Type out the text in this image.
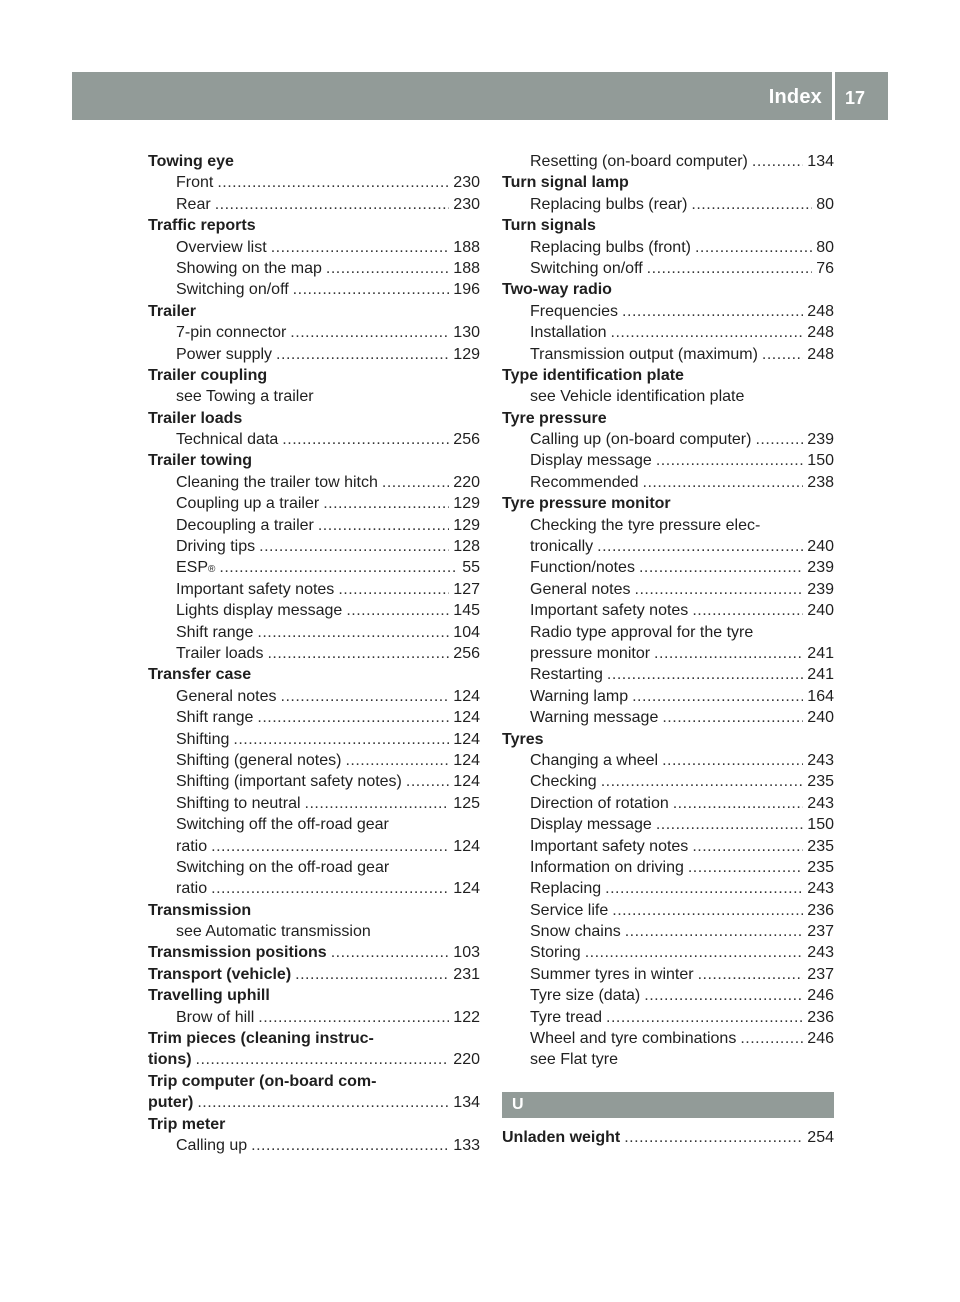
Index 17
Towing eye
Front .....	230
Rear .....	230
Traffic reports
Overview list .....	188
Showing on the map .....	188
Switching on/off .....	196
Trailer
7-pin connector .....	130
Power supply .....	129
Trailer coupling
see Towing a trailer
Trailer loads
Technical data .....	256
Trailer towing
Cleaning the trailer tow hitch .....	220
Coupling up a trailer .....	129
Decoupling a trailer .....	129
Driving tips .....	128
ESP ® .....	55
Important safety notes .....	127
Lights display message .....	145
Shift range .....	104
Trailer loads .....	256
Transfer case
General notes .....	124
Shift range .....	124
Shifting .....	124
Shifting (general notes) .....	124
Shifting (important safety notes) .....	124
Shifting to neutral .....	125
Switching off the off-road gear
ratio .....	124
Switching on the off-road gear
ratio .....	124
Transmission
see Automatic transmission
Transmission positions .....	103
Transport (vehicle) .....	231
Travelling uphill
Brow of hill .....	122
Trim pieces (cleaning instruc-
tions) .....	220
Trip computer (on-board com-
puter) .....	134
Trip meter
Calling up .....	133
Resetting (on-board computer) .....	134
Turn signal lamp
Replacing bulbs (rear) .....	80
Turn signals
Replacing bulbs (front) .....	80
Switching on/off .....	76
Two-way radio
Frequencies .....	248
Installation .....	248
Transmission output (maximum) .....	248
Type identification plate
see Vehicle identification plate
Tyre pressure
Calling up (on-board computer) .....	239
Display message .....	150
Recommended .....	238
Tyre pressure monitor
Checking the tyre pressure elec-
tronically .....	240
Function/notes .....	239
General notes .....	239
Important safety notes .....	240
Radio type approval for the tyre
pressure monitor .....	241
Restarting .....	241
Warning lamp .....	164
Warning message .....	240
Tyres
Changing a wheel .....	243
Checking .....	235
Direction of rotation .....	243
Display message .....	150
Important safety notes .....	235
Information on driving .....	235
Replacing .....	243
Service life .....	236
Snow chains .....	237
Storing .....	243
Summer tyres in winter .....	237
Tyre size (data) .....	246
Tyre tread .....	236
Wheel and tyre combinations .....	246
see Flat tyre
U
Unladen weight .....	254
